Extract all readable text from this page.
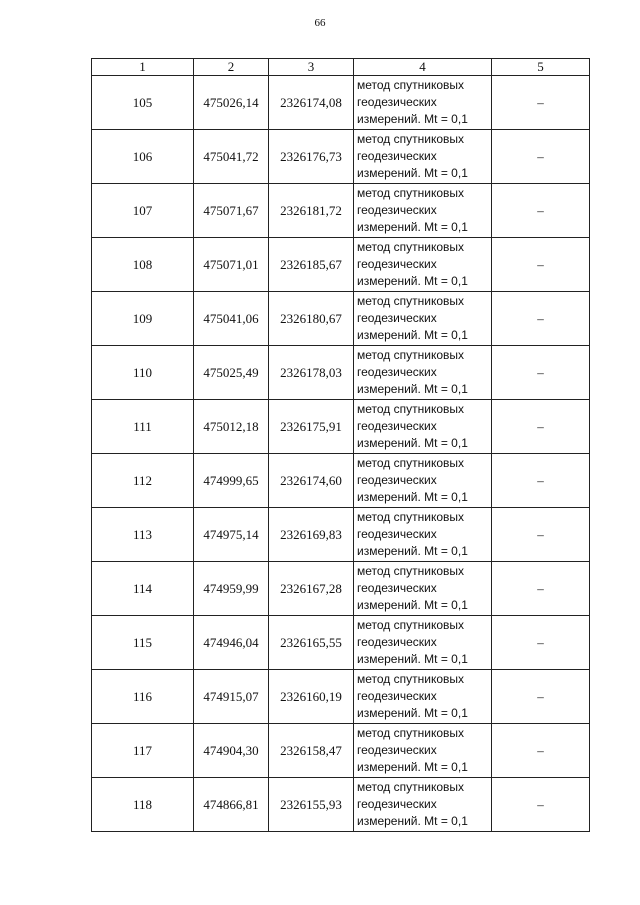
66
1	2	3	4	5
105	475026,14	2326174,08	метод спутниковых
геодезических
измерений. Mt = 0,1	–
106	475041,72	2326176,73	метод спутниковых
геодезических
измерений. Mt = 0,1	–
107	475071,67	2326181,72	метод спутниковых
геодезических
измерений. Mt = 0,1	–
108	475071,01	2326185,67	метод спутниковых
геодезических
измерений. Mt = 0,1	–
109	475041,06	2326180,67	метод спутниковых
геодезических
измерений. Mt = 0,1	–
110	475025,49	2326178,03	метод спутниковых
геодезических
измерений. Mt = 0,1	–
111	475012,18	2326175,91	метод спутниковых
геодезических
измерений. Mt = 0,1	–
112	474999,65	2326174,60	метод спутниковых
геодезических
измерений. Mt = 0,1	–
113	474975,14	2326169,83	метод спутниковых
геодезических
измерений. Mt = 0,1	–
114	474959,99	2326167,28	метод спутниковых
геодезических
измерений. Mt = 0,1	–
115	474946,04	2326165,55	метод спутниковых
геодезических
измерений. Mt = 0,1	–
116	474915,07	2326160,19	метод спутниковых
геодезических
измерений. Mt = 0,1	–
117	474904,30	2326158,47	метод спутниковых
геодезических
измерений. Mt = 0,1	–
118	474866,81	2326155,93	метод спутниковых
геодезических
измерений. Mt = 0,1	–
